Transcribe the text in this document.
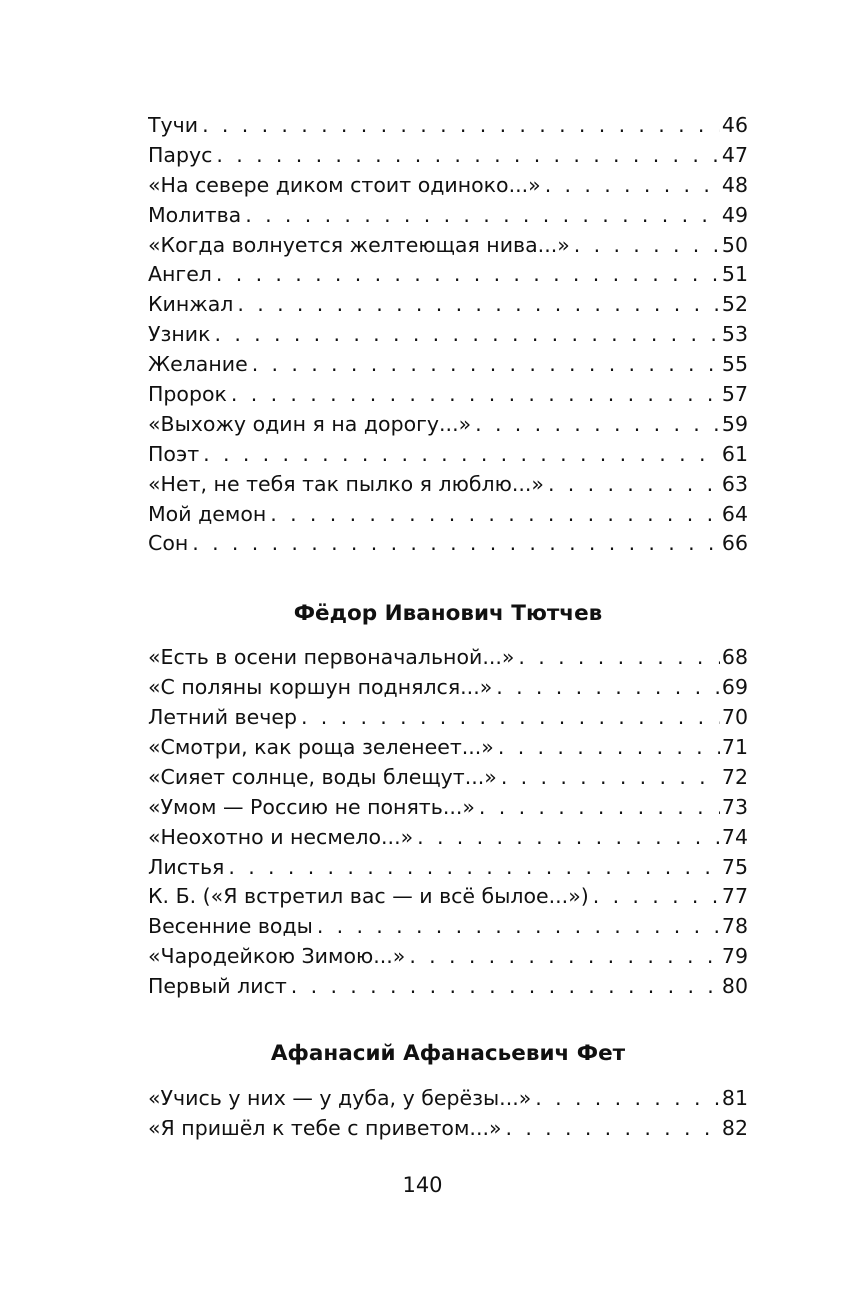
Тучи . . .	46
Парус . . .	47
«На севере диком стоит одиноко...» . . .	48
Молитва . . .	49
«Когда волнуется желтеющая нива...» . . .	50
Ангел . . .	51
Кинжал . . .	52
Узник . . .	53
Желание . . .	55
Пророк . . .	57
«Выхожу один я на дорогу...» . . .	59
Поэт . . .	61
«Нет, не тебя так пылко я люблю...» . . .	63
Мой демон . . .	64
Сон . . .	66
Фёдор Иванович Тютчев
«Есть в осени первоначальной...» . . .	68
«С поляны коршун поднялся...» . . .	69
Летний вечер . . .	70
«Смотри, как роща зеленеет...» . . .	71
«Сияет солнце, воды блещут...» . . .	72
«Умом — Россию не понять...» . . .	73
«Неохотно и несмело...» . . .	74
Листья . . .	75
К. Б. («Я встретил вас — и всё былое...») . . .	77
Весенние воды . . .	78
«Чародейкою Зимою...» . . .	79
Первый лист . . .	80
Афанасий Афанасьевич Фет
«Учись у них — у дуба, у берёзы...» . . .	81
«Я пришёл к тебе с приветом...» . . .	82
140
